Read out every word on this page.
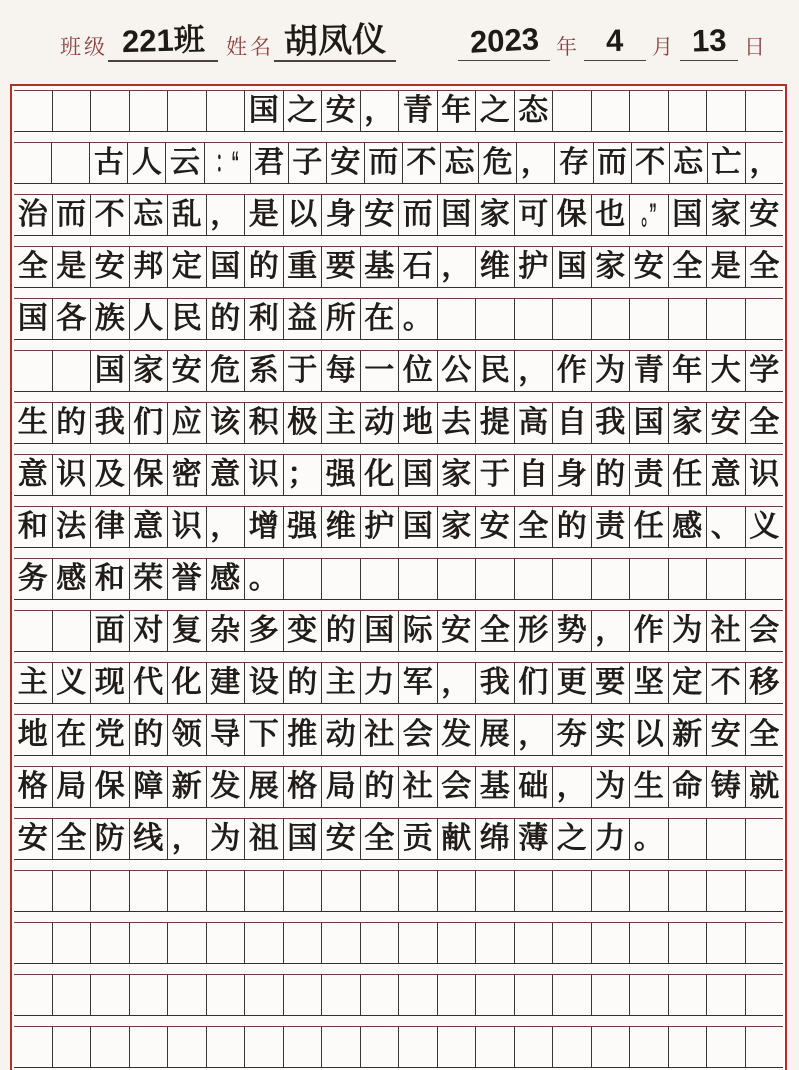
班级 221班	姓名 胡凤仪	2023 年 4	月 13 日
国 之 安 ， 青 年 之 态
古 人 云 ：“ 君 子 安 而 不 忘 危 ， 存 而 不 忘 亡 ，
治 而 不 忘 乱 ， 是 以 身 安 而 国 家 可 保 也 。” 国 家 安
全 是 安 邦 定 国 的 重 要 基 石 ， 维 护 国 家 安 全 是 全
国 各 族 人 民 的 利 益 所 在 。
国 家 安 危 系 于 每 一 位 公 民 ， 作 为 青 年 大 学
生 的 我 们 应 该 积 极 主 动 地 去 提 高 自 我 国 家 安 全
意 识 及 保 密 意 识 ； 强 化 国 家 于 自 身 的 责 任 意 识
和 法 律 意 识 ， 增 强 维 护 国 家 安 全 的 责 任 感 、 义
务 感 和 荣 誉 感 。
面 对 复 杂 多 变 的 国 际 安 全 形 势 ， 作 为 社 会
主 义 现 代 化 建 设 的 主 力 军 ， 我 们 更 要 坚 定 不 移
地 在 党 的 领 导 下 推 动 社 会 发 展 ， 夯 实 以 新 安 全
格 局 保 障 新 发 展 格 局 的 社 会 基 础 ， 为 生 命 铸 就
安 全 防 线 ， 为 祖 国 安 全 贡 献 绵 薄 之 力 。
